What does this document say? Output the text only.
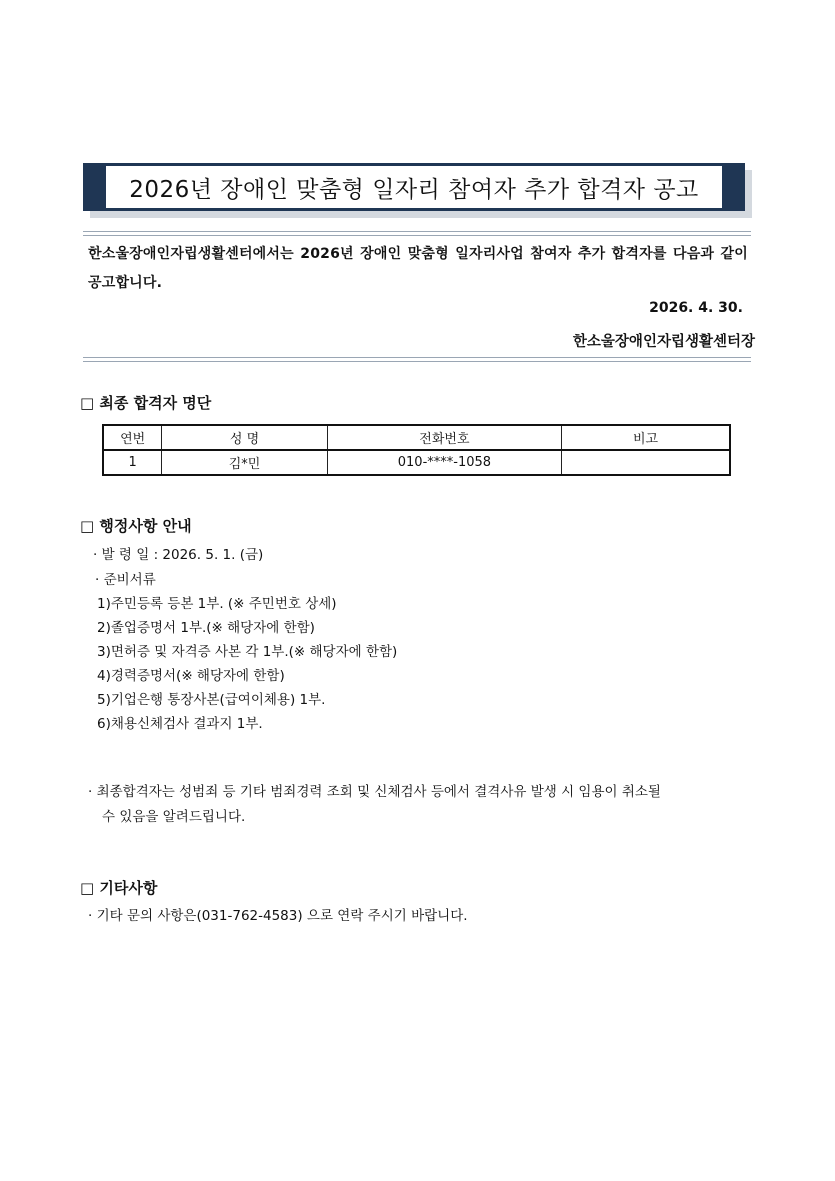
2026년 장애인 맞춤형 일자리 참여자 추가 합격자 공고
한소울장애인자립생활센터에서는 2026년 장애인 맞춤형 일자리사업 참여자 추가 합격자를 다음과 같이 공고합니다.
2026. 4. 30.
한소울장애인자립생활센터장
□ 최종 합격자 명단
연번	성 명	전화번호	비고
1	김*민	010-****-1058	
□ 행정사항 안내
· 발 령 일 : 2026. 5. 1. (금)
· 준비서류
1)주민등록 등본 1부. (※ 주민번호 상세)
2)졸업증명서 1부.(※ 해당자에 한함)
3)면허증 및 자격증 사본 각 1부.(※ 해당자에 한함)
4)경력증명서(※ 해당자에 한함)
5)기업은행 통장사본(급여이체용) 1부.
6)채용신체검사 결과지 1부.
· 최종합격자는 성범죄 등 기타 범죄경력 조회 및 신체검사 등에서 결격사유 발생 시 임용이 취소될
수 있음을 알려드립니다.
□ 기타사항
· 기타 문의 사항은(031-762-4583) 으로 연락 주시기 바랍니다.
